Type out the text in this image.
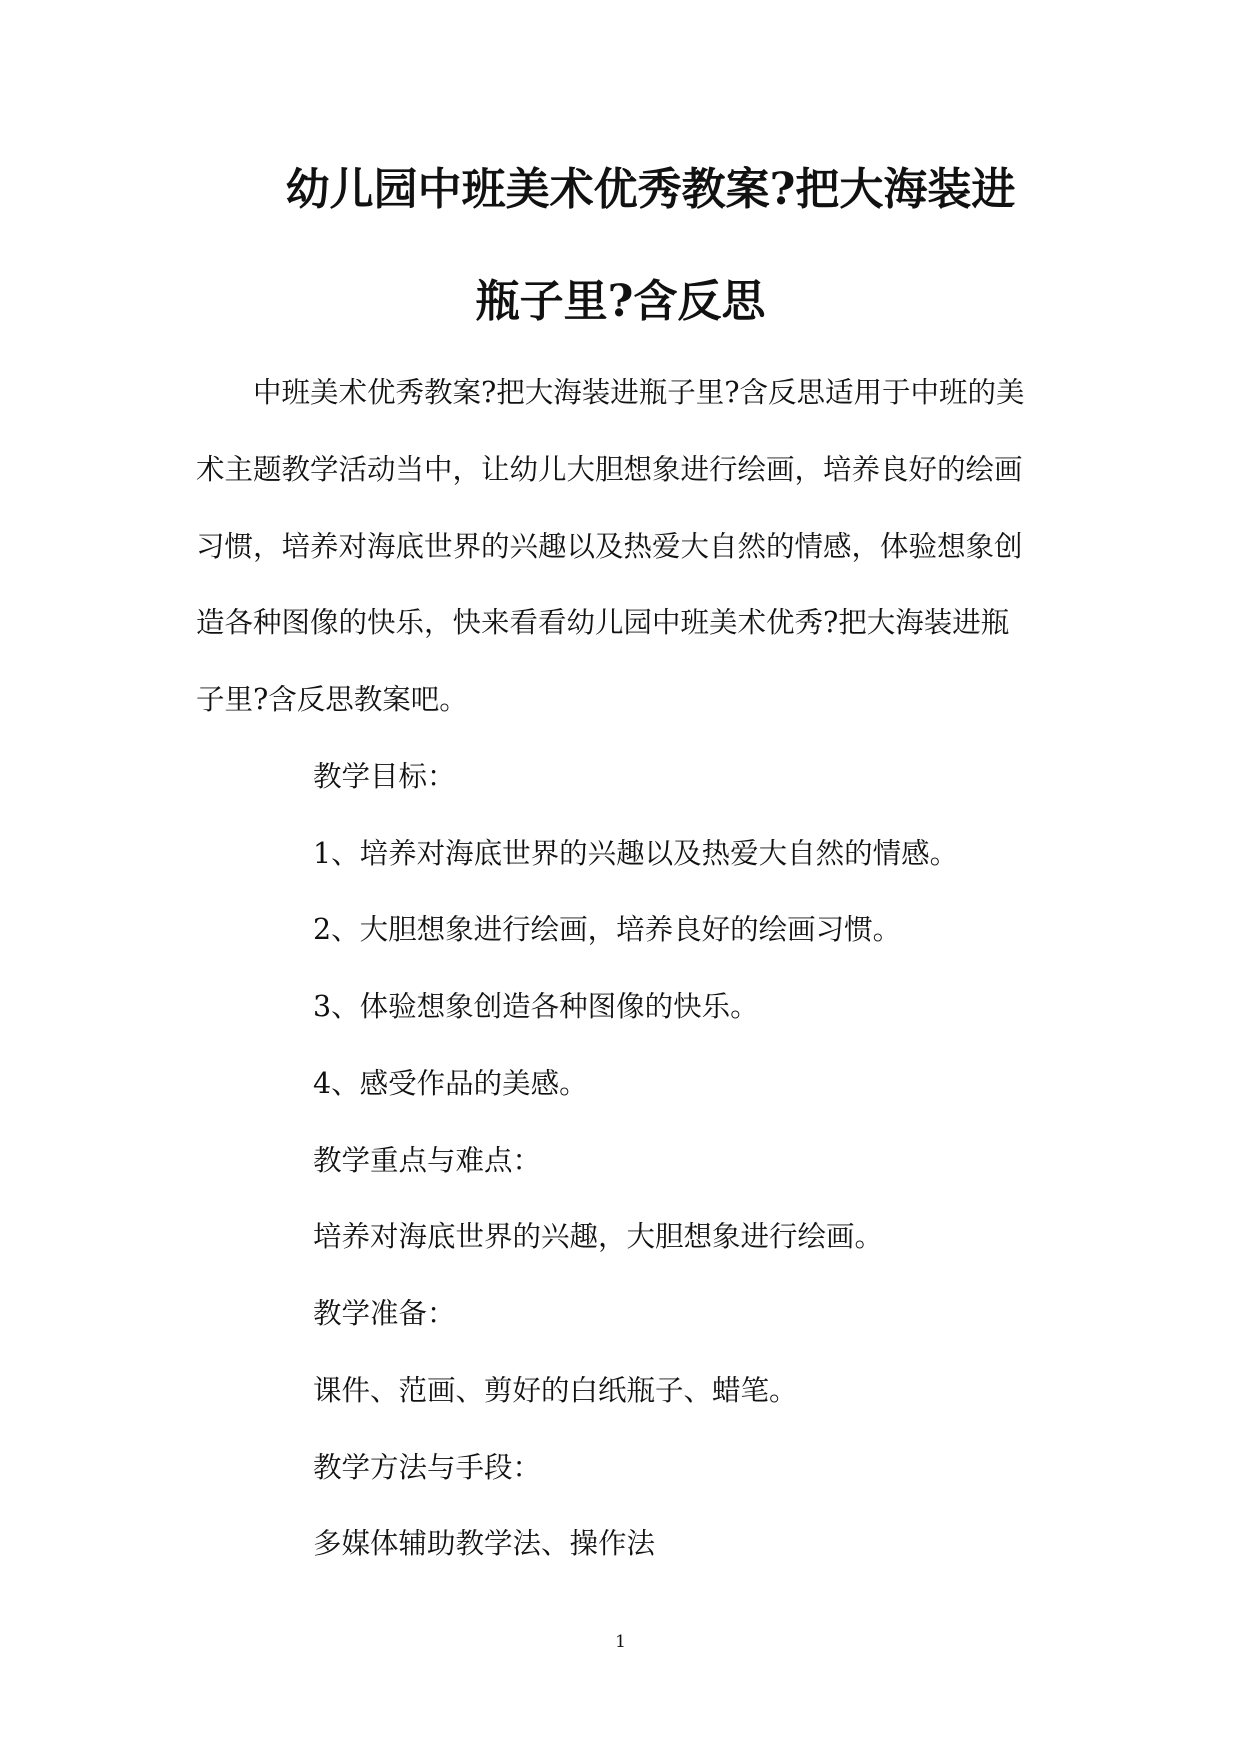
幼儿园中班美术优秀教案?把大海装进
瓶子里?含反思
中班美术优秀教案?把大海装进瓶子里?含反思适用于中班的美
术主题教学活动当中，让幼儿大胆想象进行绘画，培养良好的绘画
习惯，培养对海底世界的兴趣以及热爱大自然的情感，体验想象创
造各种图像的快乐，快来看看幼儿园中班美术优秀?把大海装进瓶
子里?含反思教案吧。
教学目标：
1、培养对海底世界的兴趣以及热爱大自然的情感。
2、大胆想象进行绘画，培养良好的绘画习惯。
3、体验想象创造各种图像的快乐。
4、感受作品的美感。
教学重点与难点：
培养对海底世界的兴趣，大胆想象进行绘画。
教学准备：
课件、范画、剪好的白纸瓶子、蜡笔。
教学方法与手段：
多媒体辅助教学法、操作法
1
